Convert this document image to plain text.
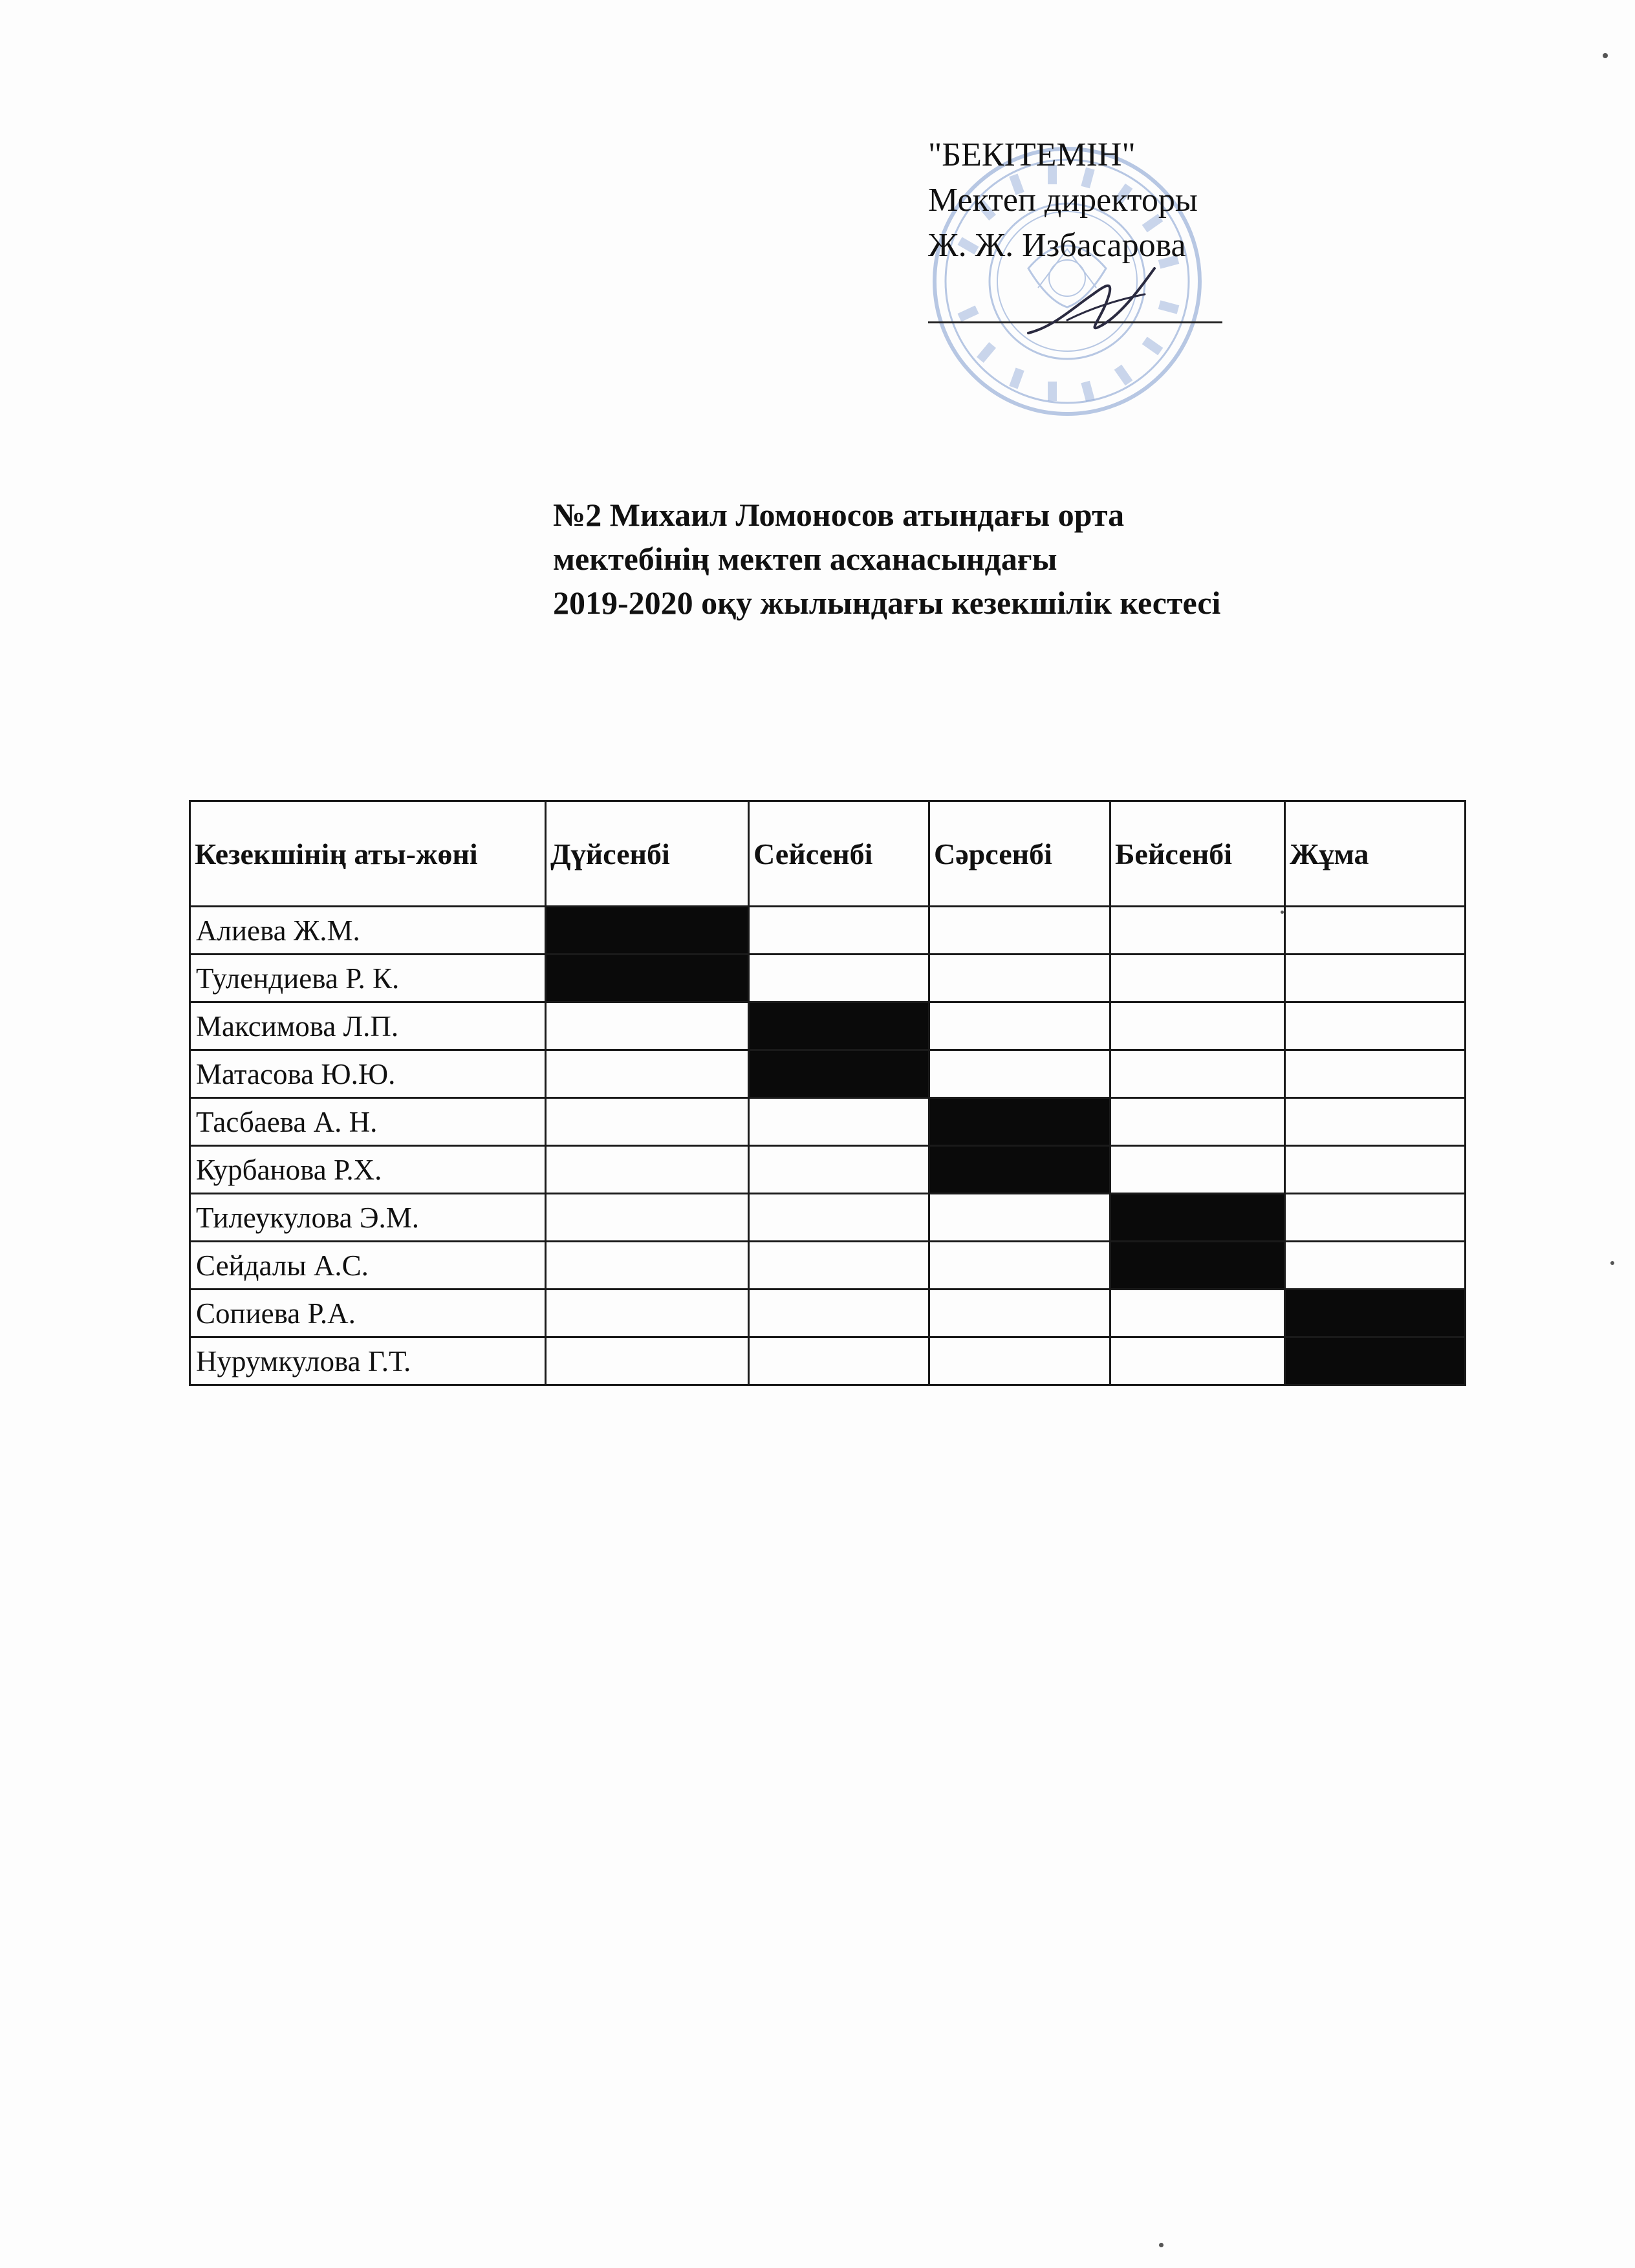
"БЕКІТЕМІН"
Мектеп директоры
Ж. Ж. Избасарова
№2 Михаил Ломоносов атындағы орта
мектебінің мектеп асханасындағы
2019-2020 оқу жылындағы кезекшілік кестесі
Кезекшінің аты-жөні	Дүйсенбі	Сейсенбі	Сәрсенбі	Бейсенбі	Жұма
Алиева Ж.М.					
Тулендиева Р. К.					
Максимова Л.П.					
Матасова Ю.Ю.					
Тасбаева А. Н.					
Курбанова Р.Х.					
Тилеукулова Э.М.					
Сейдалы А.С.					
Сопиева Р.А.					
Нурумкулова Г.Т.					
